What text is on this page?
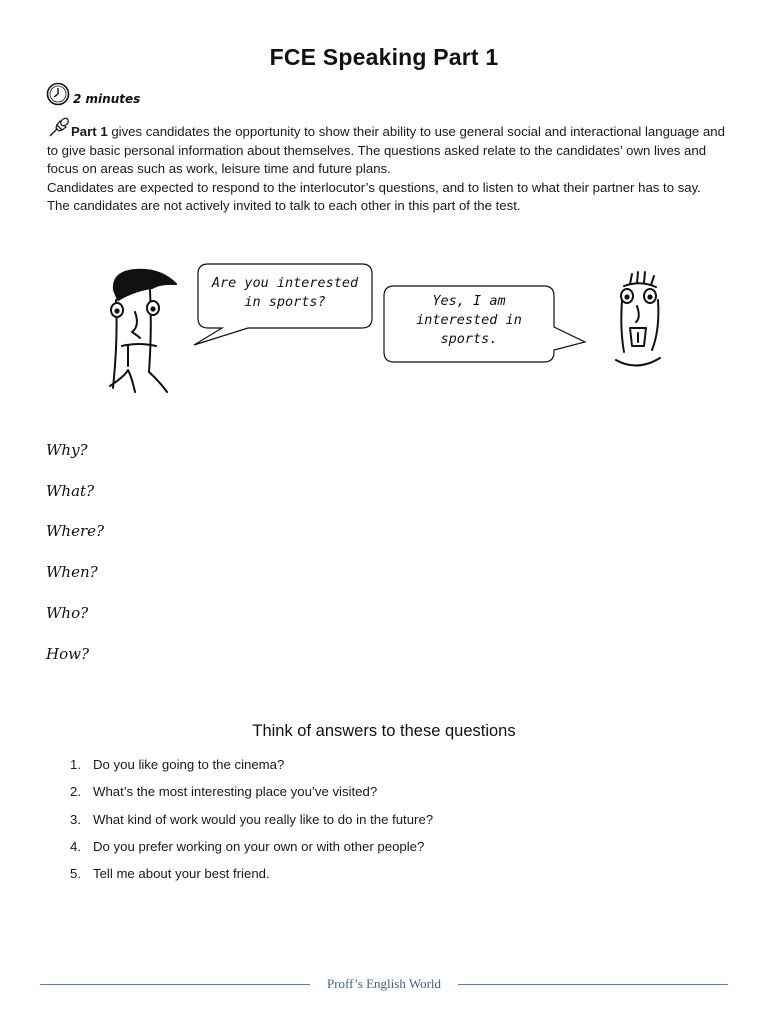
FCE Speaking Part 1
2 minutes

Part 1 gives candidates the opportunity to show their ability to use general social and interactional language and to give basic personal information about themselves. The questions asked relate to the candidates’ own lives and focus on areas such as work, leisure time and future plans.

Candidates are expected to respond to the interlocutor’s questions, and to listen to what their partner has to say.

The candidates are not actively invited to talk to each other in this part of the test.

Are you interested
in sports?	Yes, I am
interested in
sports.
Why?
What?
Where?
When?
Who?
How?
Think of answers to these questions
1. Do you like going to the cinema?
2. What’s the most interesting place you’ve visited?
3. What kind of work would you really like to do in the future?
4. Do you prefer working on your own or with other people?
5. Tell me about your best friend.
Proff’s English World
